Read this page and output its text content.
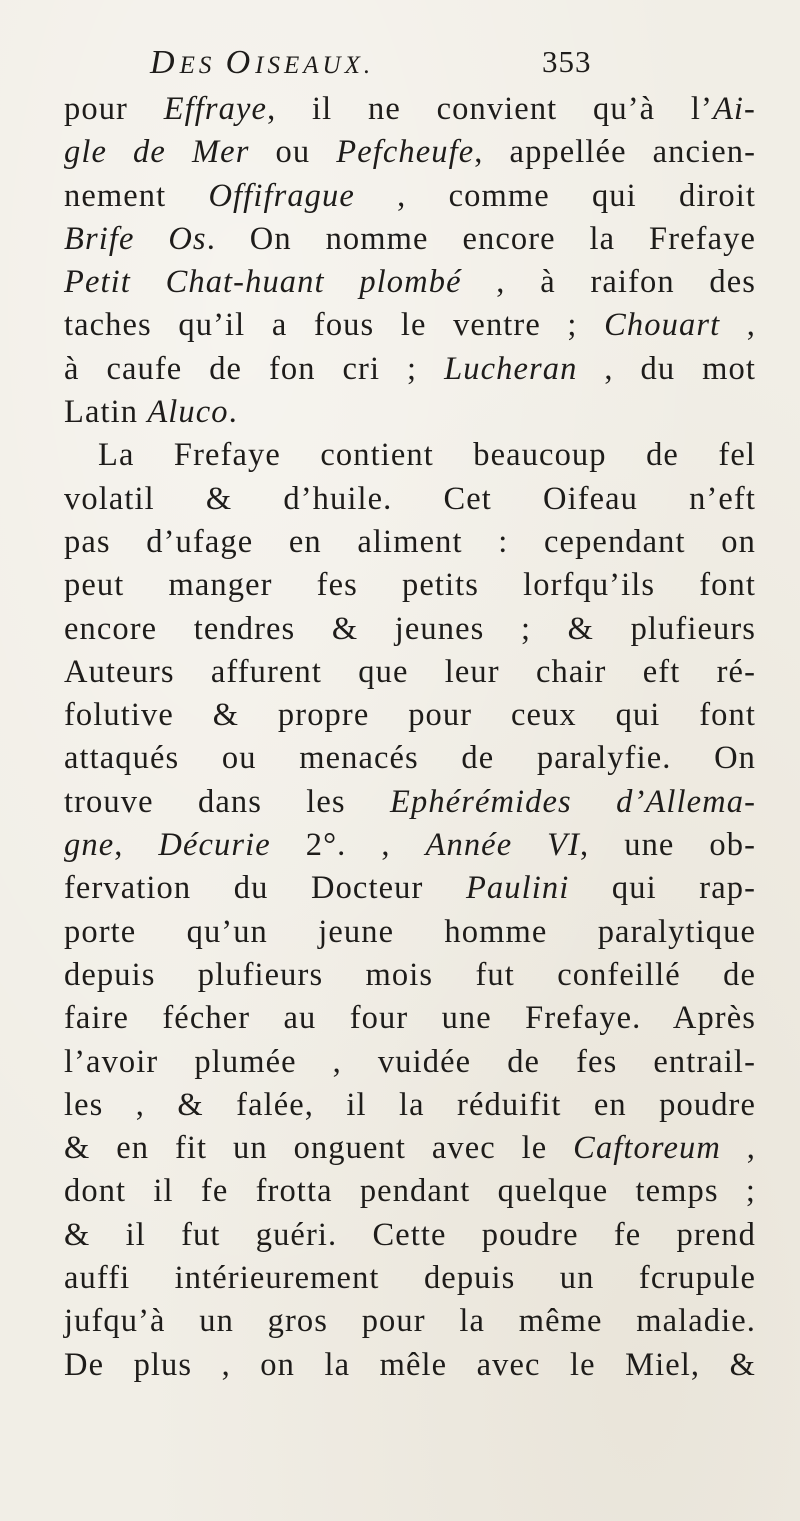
DES OISEAUX.	353
pour Effraye, il ne convient qu’à l’Ai-
gle de Mer ou Pefcheufe, appellée ancien-
nement Offifrague , comme qui diroit
Brife Os. On nomme encore la Frefaye
Petit Chat-huant plombé , à raifon des
taches qu’il a fous le ventre ; Chouart ,
à caufe de fon cri ; Lucheran , du mot
Latin Aluco.
La Frefaye contient beaucoup de fel
volatil & d’huile. Cet Oifeau n’eft
pas d’ufage en aliment : cependant on
peut manger fes petits lorfqu’ils font
encore tendres & jeunes ; & plufieurs
Auteurs affurent que leur chair eft ré-
folutive & propre pour ceux qui font
attaqués ou menacés de paralyfie. On
trouve dans les Ephérémides d’Allema-
gne, Décurie 2°. , Année VI, une ob-
fervation du Docteur Paulini qui rap-
porte qu’un jeune homme paralytique
depuis plufieurs mois fut confeillé de
faire fécher au four une Frefaye. Après
l’avoir plumée , vuidée de fes entrail-
les , & falée, il la réduifit en poudre
& en fit un onguent avec le Caftoreum ,
dont il fe frotta pendant quelque temps ;
& il fut guéri. Cette poudre fe prend
auffi intérieurement depuis un fcrupule
jufqu’à un gros pour la même maladie.
De plus , on la mêle avec le Miel, &
